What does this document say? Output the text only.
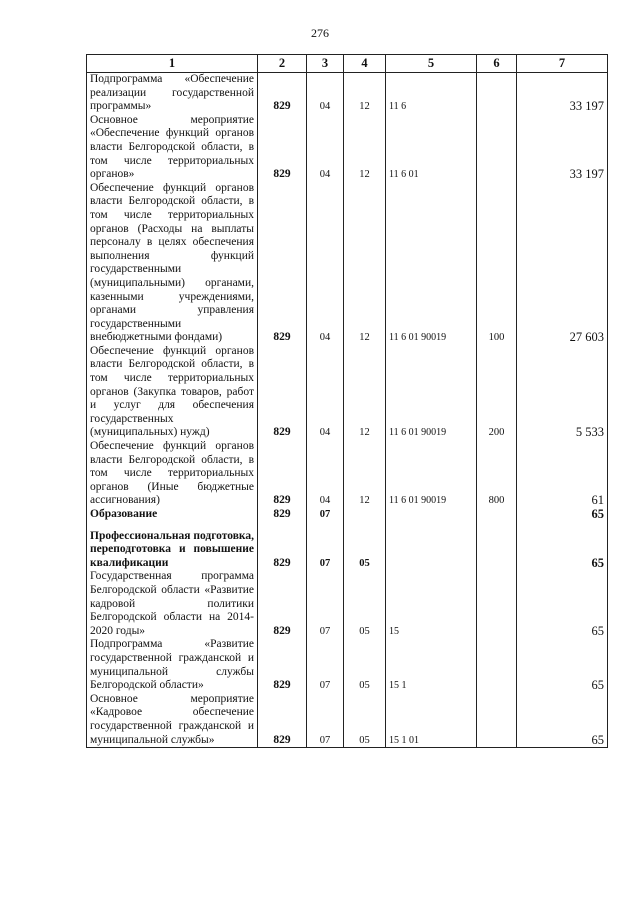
276
1	2	3	4	5	6	7
Подпрограмма «Обеспечение реализации государственной программы»	829	04	12	11 6		33 197
Основное мероприятие «Обеспечение функций органов власти Белгородской области, в том числе территориальных органов»	829	04	12	11 6 01		33 197
Обеспечение функций органов власти Белгородской области, в том числе территориальных органов (Расходы на выплаты персоналу в целях обеспечения выполнения функций государственными (муниципальными) органами, казенными учреждениями, органами управления государственными внебюджетными фондами)	829	04	12	11 6 01 90019	100	27 603
Обеспечение функций органов власти Белгородской области, в том числе территориальных органов (Закупка товаров, работ и услуг для обеспечения государственных (муниципальных) нужд)	829	04	12	11 6 01 90019	200	5 533
Обеспечение функций органов власти Белгородской области, в том числе территориальных органов (Иные бюджетные ассигнования)	829	04	12	11 6 01 90019	800	61
Образование	829	07				65

Профессиональная подготовка, переподготовка и повышение квалификации	829	07	05			65
Государственная программа Белгородской области «Развитие кадровой политики Белгородской области на 2014-2020 годы»	829	07	05	15		65
Подпрограмма «Развитие государственной гражданской и муниципальной службы Белгородской области»	829	07	05	15 1		65
Основное мероприятие «Кадровое обеспечение государственной гражданской и муниципальной службы»	829	07	05	15 1 01		65
